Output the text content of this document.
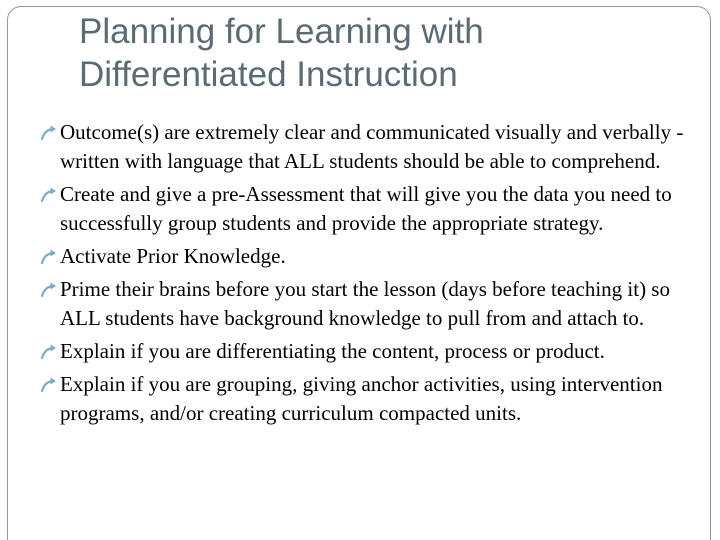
Planning for Learning with
Differentiated Instruction
Outcome(s) are extremely clear and communicated visually and verbally - written with language that ALL students should be able to comprehend.
Create and give a pre-Assessment that will give you the data you need to successfully group students and provide the appropriate strategy.
Activate Prior Knowledge.
Prime their brains before you start the lesson (days before teaching it) so ALL students have background knowledge to pull from and attach to.
Explain if you are differentiating the content, process or product.
Explain if you are grouping, giving anchor activities, using intervention programs, and/or creating curriculum compacted units.
